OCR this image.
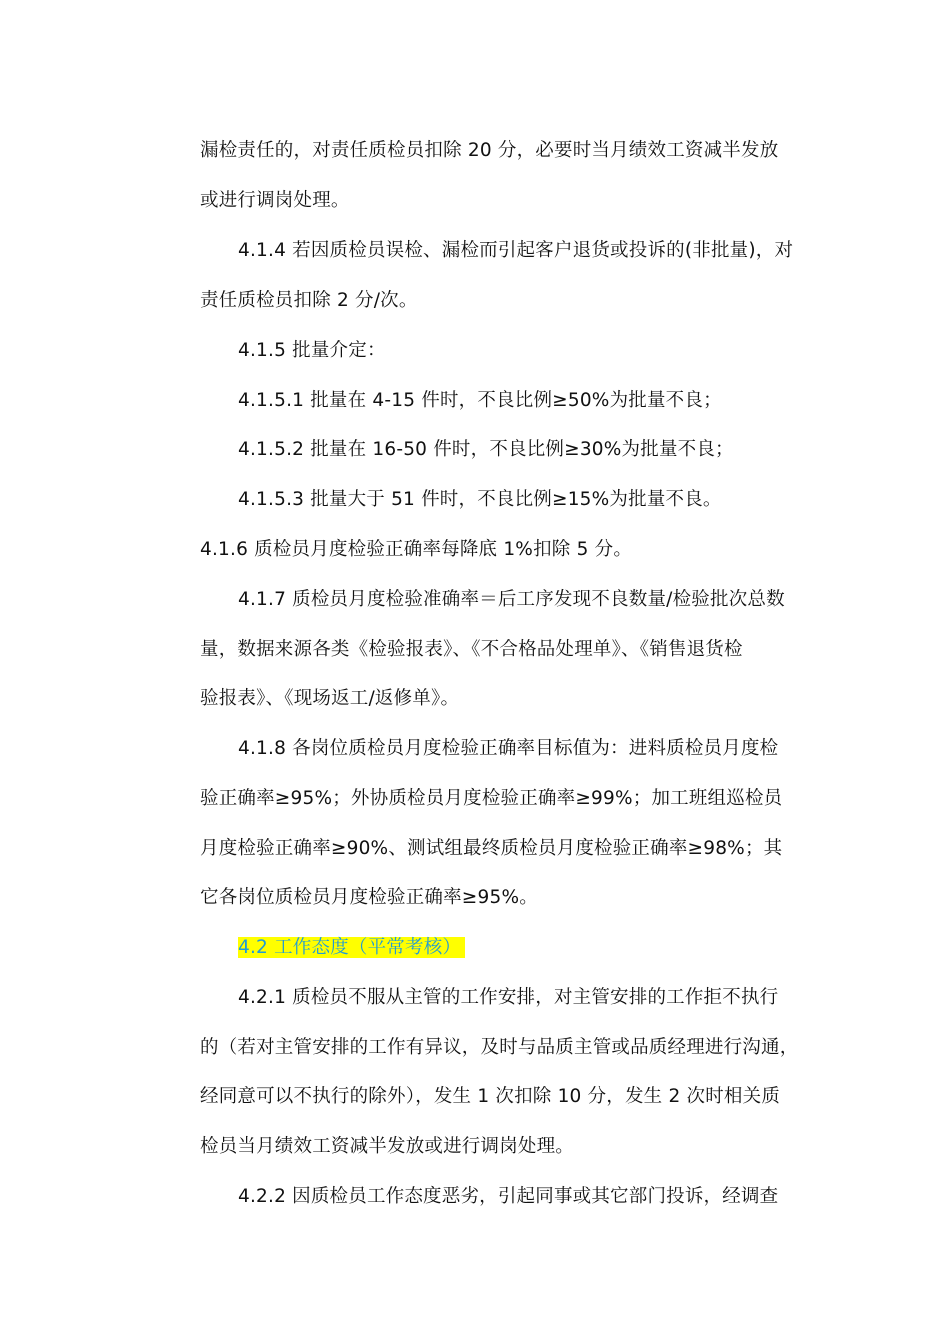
漏检责任的，对责任质检员扣除 20 分，必要时当月绩效工资减半发放
或进行调岗处理。
4.1.4 若因质检员误检、漏检而引起客户退货或投诉的(非批量)，对
责任质检员扣除 2 分/次。
4.1.5 批量介定：
4.1.5.1 批量在 4-15 件时，不良比例≥50%为批量不良；
4.1.5.2 批量在 16-50 件时，不良比例≥30%为批量不良；
4.1.5.3 批量大于 51 件时，不良比例≥15%为批量不良。
4.1.6 质检员月度检验正确率每降底 1%扣除 5 分。
4.1.7 质检员月度检验准确率＝后工序发现不良数量/检验批次总数
量，数据来源各类《检验报表》、《不合格品处理单》、《销售退货检
验报表》、《现场返工/返修单》。
4.1.8 各岗位质检员月度检验正确率目标值为：进料质检员月度检
验正确率≥95%；外协质检员月度检验正确率≥99%；加工班组巡检员
月度检验正确率≥90%、测试组最终质检员月度检验正确率≥98%；其
它各岗位质检员月度检验正确率≥95%。
4.2 工作态度（平常考核）
4.2.1 质检员不服从主管的工作安排，对主管安排的工作拒不执行
的（若对主管安排的工作有异议，及时与品质主管或品质经理进行沟通，
经同意可以不执行的除外），发生 1 次扣除 10 分，发生 2 次时相关质
检员当月绩效工资减半发放或进行调岗处理。
4.2.2 因质检员工作态度恶劣，引起同事或其它部门投诉，经调查
